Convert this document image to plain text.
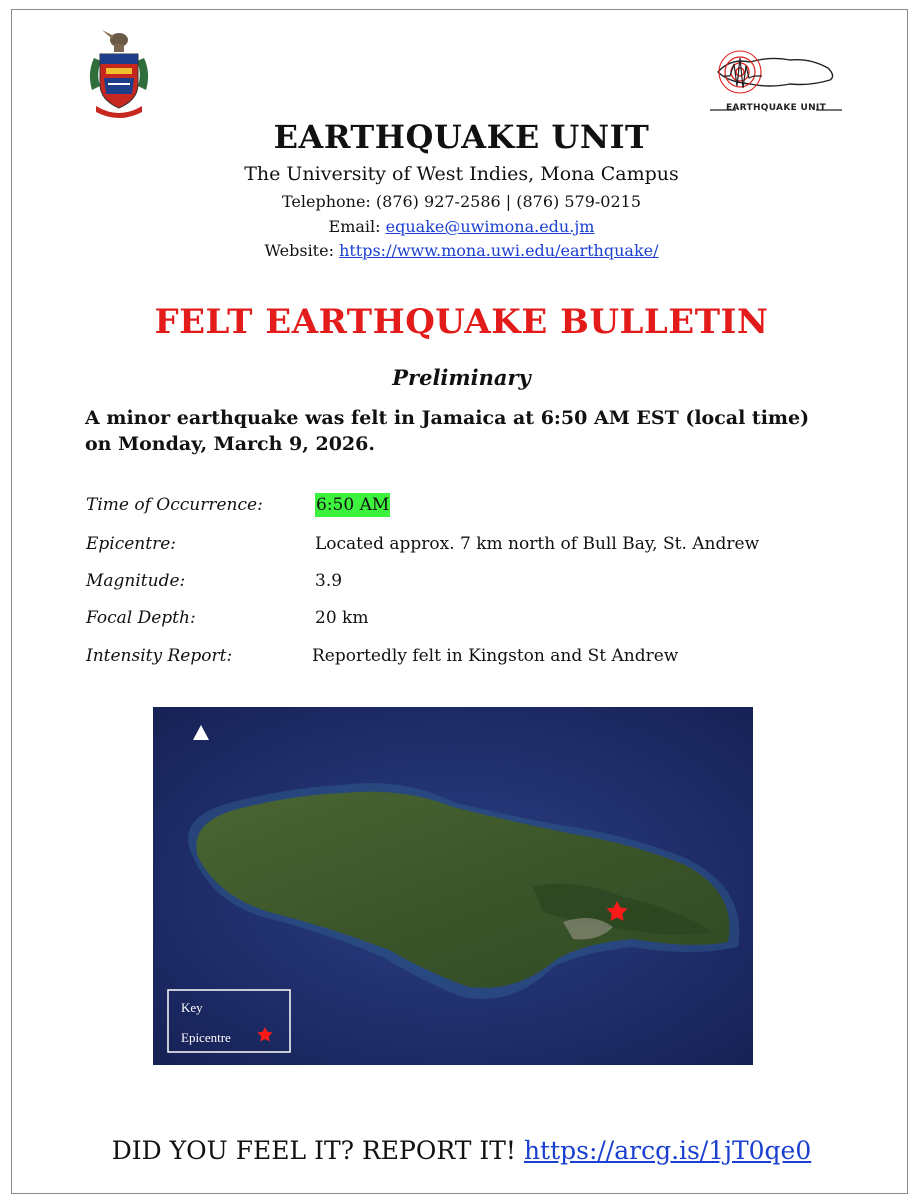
EARTHQUAKE UNIT
EARTHQUAKE UNIT
The University of West Indies, Mona Campus
Telephone: (876) 927-2586 | (876) 579-0215
Email: equake@uwimona.edu.jm
Website: https://www.mona.uwi.edu/earthquake/
FELT EARTHQUAKE BULLETIN
Preliminary
A minor earthquake was felt in Jamaica at 6:50 AM EST (local time) on Monday, March 9, 2026.
Time of Occurrence:	6:50 AM
Epicentre:	Located approx. 7 km north of Bull Bay, St. Andrew
Magnitude:	3.9
Focal Depth:	20 km
Intensity Report:	Reportedly felt in Kingston and St Andrew
Key
Epicentre
DID YOU FEEL IT? REPORT IT! https://arcg.is/1jT0qe0
